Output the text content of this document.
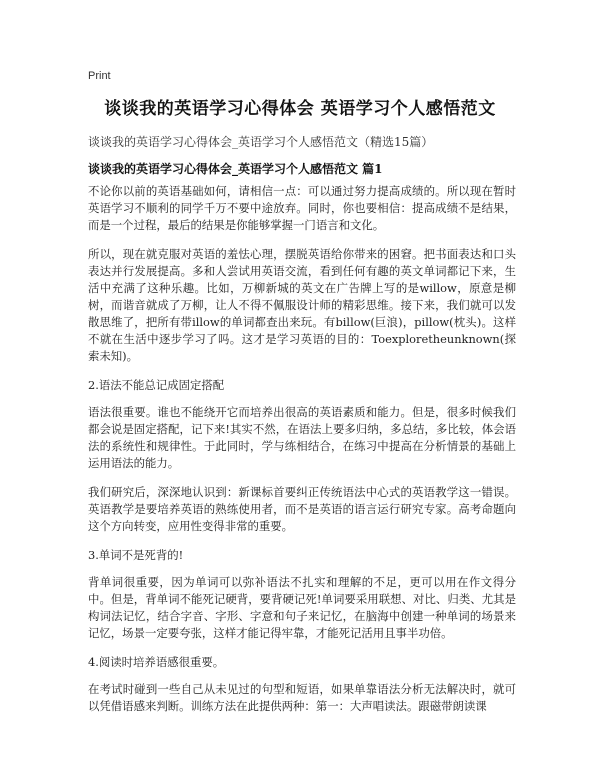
Print
谈谈我的英语学习心得体会 英语学习个人感悟范文
谈谈我的英语学习心得体会_英语学习个人感悟范文（精选15篇）
谈谈我的英语学习心得体会_英语学习个人感悟范文 篇1

不论你以前的英语基础如何，请相信一点：可以通过努力提高成绩的。所以现在暂时英语学习不顺利的同学千万不要中途放弃。同时，你也要相信：提高成绩不是结果，而是一个过程，最后的结果是你能够掌握一门语言和文化。

所以，现在就克服对英语的羞怯心理，摆脱英语给你带来的困窘。把书面表达和口头表达并行发展提高。多和人尝试用英语交流，看到任何有趣的英文单词都记下来，生活中充满了这种乐趣。比如，万柳新城的英文在广告牌上写的是willow，原意是柳树，而谐音就成了万柳，让人不得不佩服设计师的精彩思维。接下来，我们就可以发散思维了，把所有带illow的单词都查出来玩。有billow(巨浪)，pillow(枕头)。这样不就在生活中逐步学习了吗。这才是学习英语的目的：Toexploretheunknown(探索未知)。

2.语法不能总记成固定搭配

语法很重要。谁也不能绕开它而培养出很高的英语素质和能力。但是，很多时候我们都会说是固定搭配，记下来!其实不然，在语法上要多归纳，多总结，多比较，体会语法的系统性和规律性。于此同时，学与练相结合，在练习中提高在分析情景的基础上运用语法的能力。

我们研究后，深深地认识到：新课标首要纠正传统语法中心式的英语教学这一错误。英语教学是要培养英语的熟练使用者，而不是英语的语言运行研究专家。高考命题向这个方向转变，应用性变得非常的重要。

3.单词不是死背的!

背单词很重要，因为单词可以弥补语法不扎实和理解的不足，更可以用在作文得分中。但是，背单词不能死记硬背，要背硬记死!单词要采用联想、对比、归类、尤其是构词法记忆，结合字音、字形、字意和句子来记忆，在脑海中创建一种单词的场景来记忆，场景一定要夸张，这样才能记得牢靠，才能死记活用且事半功倍。

4.阅读时培养语感很重要。

在考试时碰到一些自己从未见过的句型和短语，如果单靠语法分析无法解决时，就可以凭借语感来判断。训练方法在此提供两种：第一：大声唱读法。跟磁带朗读课
